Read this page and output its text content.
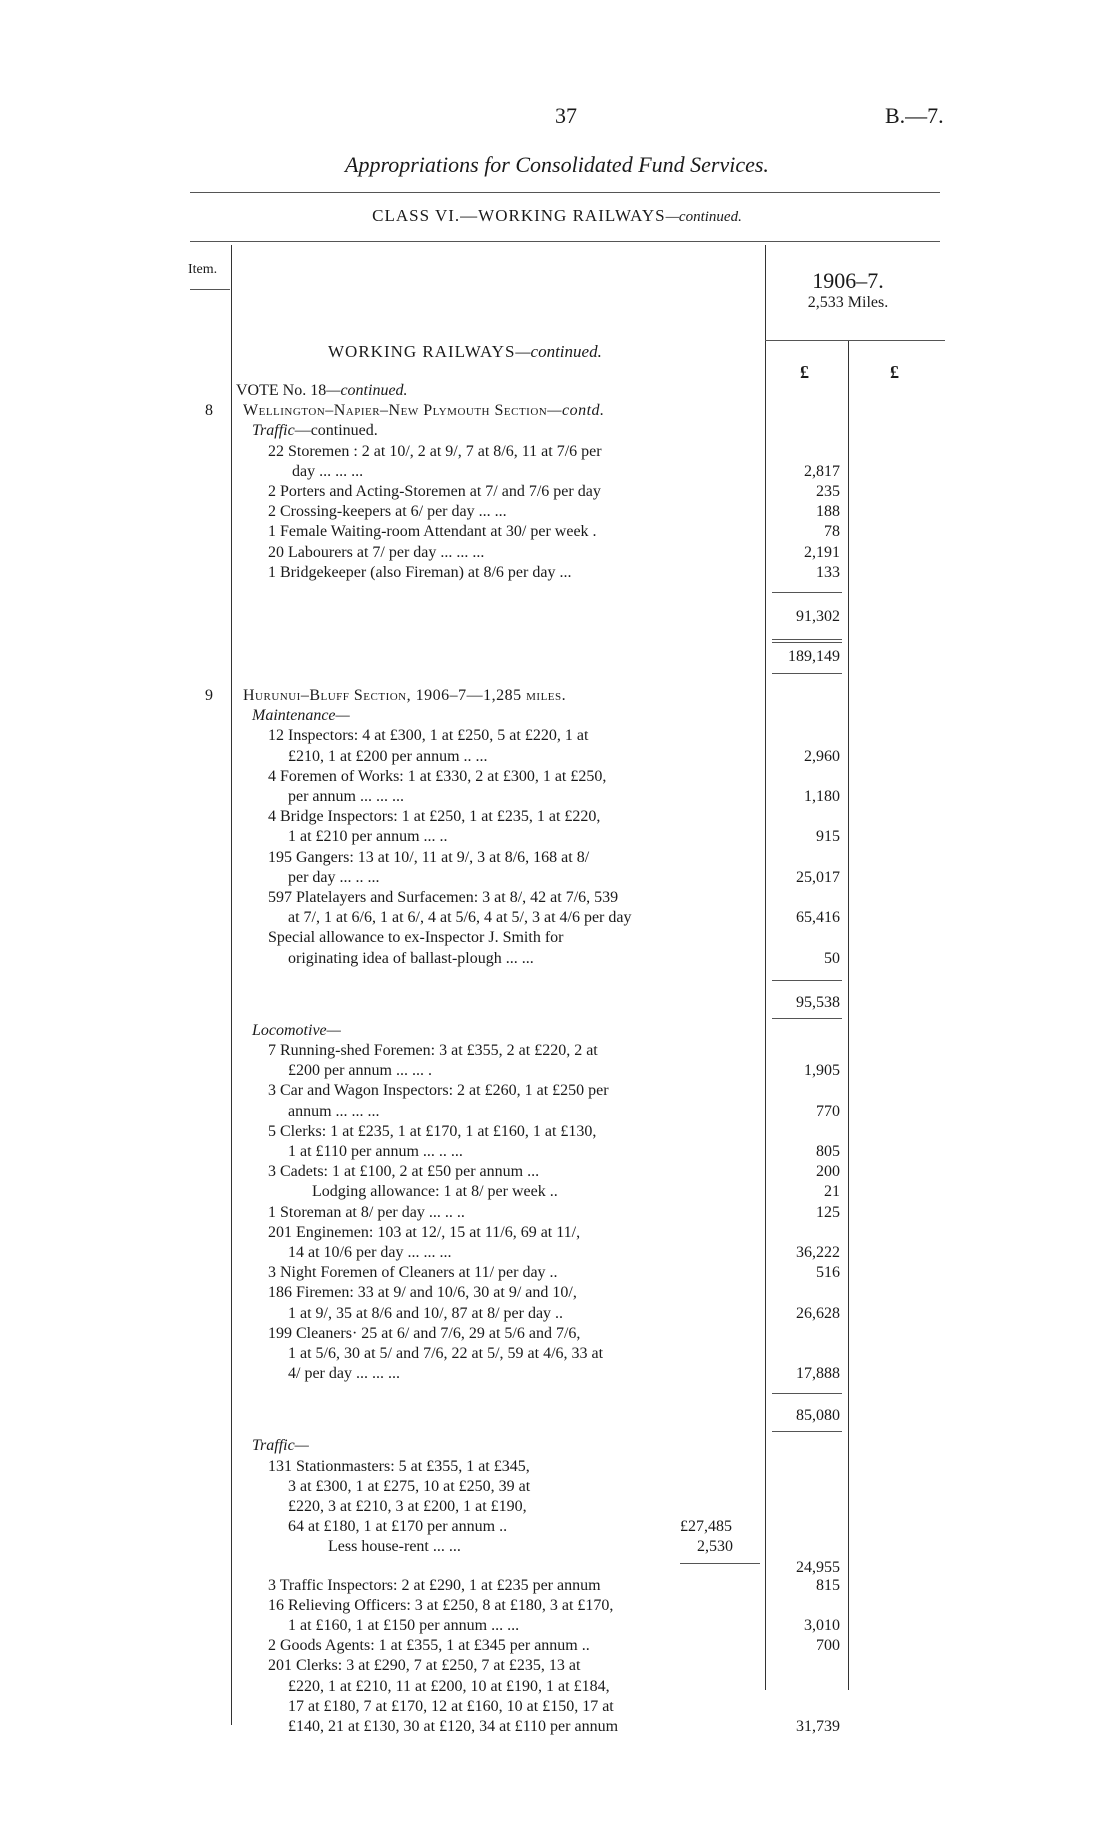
37	B.—7.
Appropriations for Consolidated Fund Services.
CLASS VI.—WORKING RAILWAYS—continued.
Item.	1906–7.
2,533 Miles.
WORKING RAILWAYS—continued.
£	£
VOTE No. 18—continued.
8 Wellington–Napier–New Plymouth Section—contd.
Traffic—continued.
22 Storemen : 2 at 10/, 2 at 9/, 7 at 8/6, 11 at 7/6 per
day ... ... ...	2,817
2 Porters and Acting-Storemen at 7/ and 7/6 per day	235
2 Crossing-keepers at 6/ per day ... ...	188
1 Female Waiting-room Attendant at 30/ per week .	78
20 Labourers at 7/ per day ... ... ...	2,191
1 Bridgekeeper (also Fireman) at 8/6 per day ...	133
91,302
189,149
9 Hurunui–Bluff Section, 1906–7—1,285 miles.
Maintenance—
12 Inspectors: 4 at £300, 1 at £250, 5 at £220, 1 at
£210, 1 at £200 per annum .. ...	2,960
4 Foremen of Works: 1 at £330, 2 at £300, 1 at £250,
per annum ... ... ...	1,180
4 Bridge Inspectors: 1 at £250, 1 at £235, 1 at £220,
1 at £210 per annum ... ..	915
195 Gangers: 13 at 10/, 11 at 9/, 3 at 8/6, 168 at 8/
per day ... .. ...	25,017
597 Platelayers and Surfacemen: 3 at 8/, 42 at 7/6, 539
at 7/, 1 at 6/6, 1 at 6/, 4 at 5/6, 4 at 5/, 3 at 4/6 per day	65,416
Special allowance to ex-Inspector J. Smith for
originating idea of ballast-plough ... ...	50
95,538
Locomotive—
7 Running-shed Foremen: 3 at £355, 2 at £220, 2 at
£200 per annum ... ... .	1,905
3 Car and Wagon Inspectors: 2 at £260, 1 at £250 per
annum ... ... ...	770
5 Clerks: 1 at £235, 1 at £170, 1 at £160, 1 at £130,
1 at £110 per annum ... .. ...	805
3 Cadets: 1 at £100, 2 at £50 per annum ...	200
Lodging allowance: 1 at 8/ per week ..	21
1 Storeman at 8/ per day ... .. ..	125
201 Enginemen: 103 at 12/, 15 at 11/6, 69 at 11/,
14 at 10/6 per day ... ... ...	36,222
3 Night Foremen of Cleaners at 11/ per day ..	516
186 Firemen: 33 at 9/ and 10/6, 30 at 9/ and 10/,
1 at 9/, 35 at 8/6 and 10/, 87 at 8/ per day ..	26,628
199 Cleaners· 25 at 6/ and 7/6, 29 at 5/6 and 7/6,
1 at 5/6, 30 at 5/ and 7/6, 22 at 5/, 59 at 4/6, 33 at
4/ per day ... ... ...	17,888
85,080
Traffic—
131 Stationmasters: 5 at £355, 1 at £345,
3 at £300, 1 at £275, 10 at £250, 39 at
£220, 3 at £210, 3 at £200, 1 at £190,
64 at £180, 1 at £170 per annum ..	£27,485
Less house-rent ... ...	2,530
24,955
3 Traffic Inspectors: 2 at £290, 1 at £235 per annum	815
16 Relieving Officers: 3 at £250, 8 at £180, 3 at £170,
1 at £160, 1 at £150 per annum ... ...	3,010
2 Goods Agents: 1 at £355, 1 at £345 per annum ..	700
201 Clerks: 3 at £290, 7 at £250, 7 at £235, 13 at
£220, 1 at £210, 11 at £200, 10 at £190, 1 at £184,
17 at £180, 7 at £170, 12 at £160, 10 at £150, 17 at
£140, 21 at £130, 30 at £120, 34 at £110 per annum	31,739
